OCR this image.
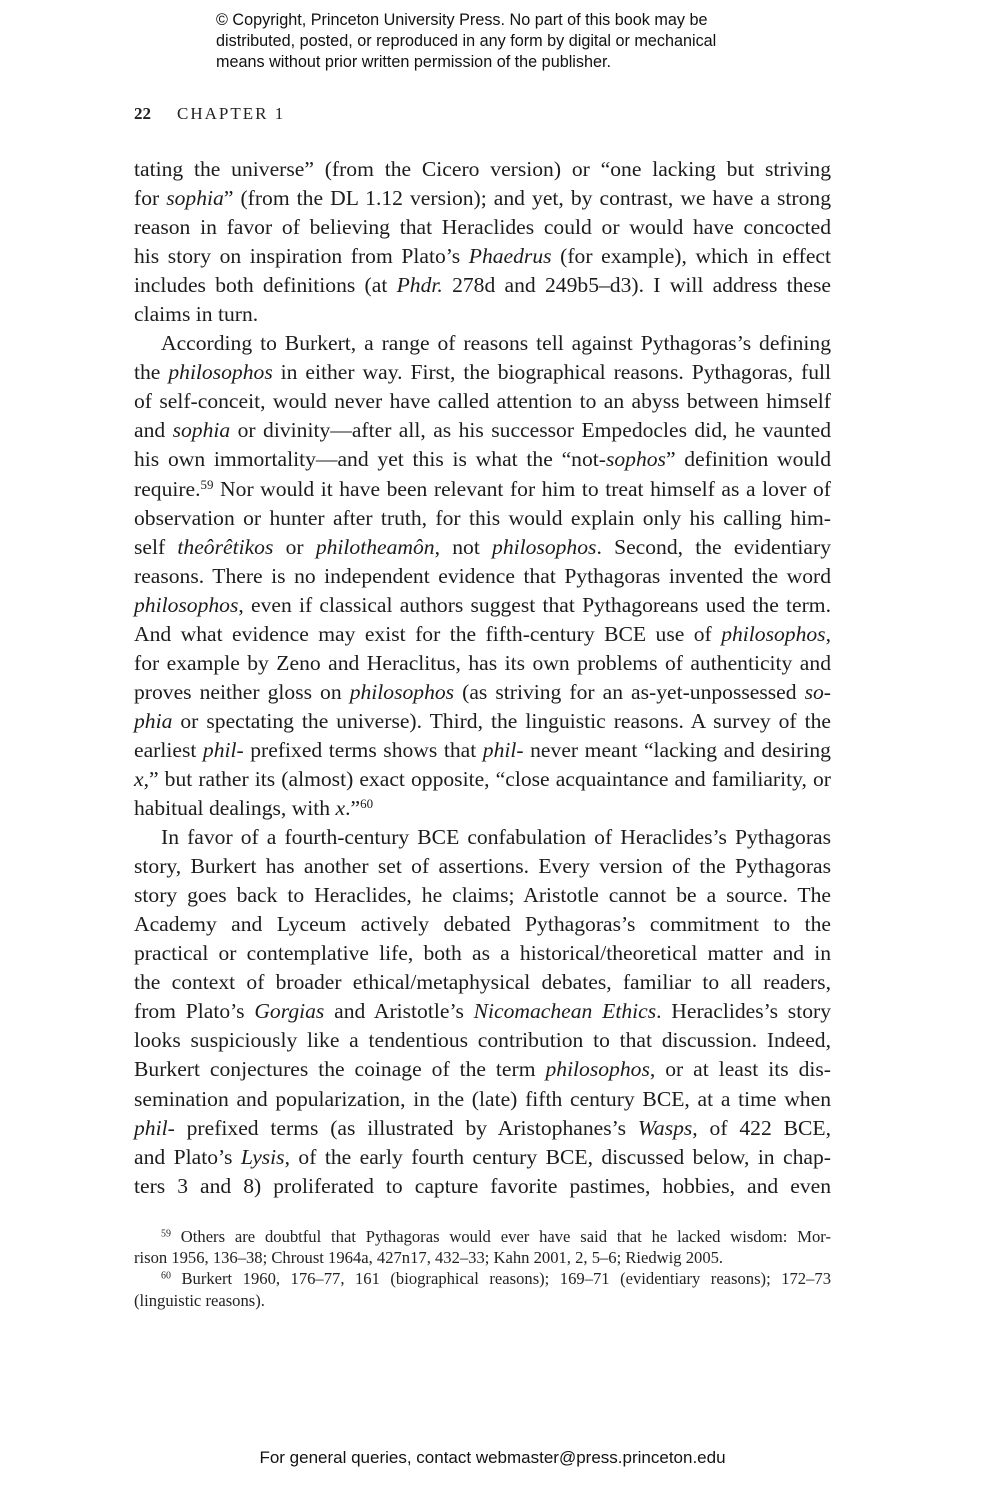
© Copyright, Princeton University Press. No part of this book may be
distributed, posted, or reproduced in any form by digital or mechanical
means without prior written permission of the publisher.
22 CHAPTER 1
tating the universe” (from the Cicero version) or “one lacking but striving
for sophia” (from the DL 1.12 version); and yet, by contrast, we have a strong
reason in favor of believing that Heraclides could or would have concocted
his story on inspiration from Plato’s Phaedrus (for example), which in effect
includes both definitions (at Phdr. 278d and 249b5–d3). I will address these
claims in turn.
According to Burkert, a range of reasons tell against Pythagoras’s defining
the philosophos in either way. First, the biographical reasons. Pythagoras, full
of self-conceit, would never have called attention to an abyss between himself
and sophia or divinity—after all, as his successor Empedocles did, he vaunted
his own immortality—and yet this is what the “not-sophos” definition would
require.$^{59}$ Nor would it have been relevant for him to treat himself as a lover of
observation or hunter after truth, for this would explain only his calling him-
self theôrêtikos or philotheamôn, not philosophos. Second, the evidentiary
reasons. There is no independent evidence that Pythagoras invented the word
philosophos, even if classical authors suggest that Pythagoreans used the term.
And what evidence may exist for the fifth-century BCE use of philosophos,
for example by Zeno and Heraclitus, has its own problems of authenticity and
proves neither gloss on philosophos (as striving for an as-yet-unpossessed so-
phia or spectating the universe). Third, the linguistic reasons. A survey of the
earliest phil- prefixed terms shows that phil- never meant “lacking and desiring
x,” but rather its (almost) exact opposite, “close acquaintance and familiarity, or
habitual dealings, with x.”$^{60}$
In favor of a fourth-century BCE confabulation of Heraclides’s Pythagoras
story, Burkert has another set of assertions. Every version of the Pythagoras
story goes back to Heraclides, he claims; Aristotle cannot be a source. The
Academy and Lyceum actively debated Pythagoras’s commitment to the
practical or contemplative life, both as a historical/theoretical matter and in
the context of broader ethical/metaphysical debates, familiar to all readers,
from Plato’s Gorgias and Aristotle’s Nicomachean Ethics. Heraclides’s story
looks suspiciously like a tendentious contribution to that discussion. Indeed,
Burkert conjectures the coinage of the term philosophos, or at least its dis-
semination and popularization, in the (late) fifth century BCE, at a time when
phil- prefixed terms (as illustrated by Aristophanes’s Wasps, of 422 BCE,
and Plato’s Lysis, of the early fourth century BCE, discussed below, in chap-
ters 3 and 8) proliferated to capture favorite pastimes, hobbies, and even
$^{59}$ Others are doubtful that Pythagoras would ever have said that he lacked wisdom: Mor-
rison 1956, 136–38; Chroust 1964a, 427n17, 432–33; Kahn 2001, 2, 5–6; Riedwig 2005.
$^{60}$ Burkert 1960, 176–77, 161 (biographical reasons); 169–71 (evidentiary reasons); 172–73
(linguistic reasons).
For general queries, contact webmaster@press.princeton.edu
